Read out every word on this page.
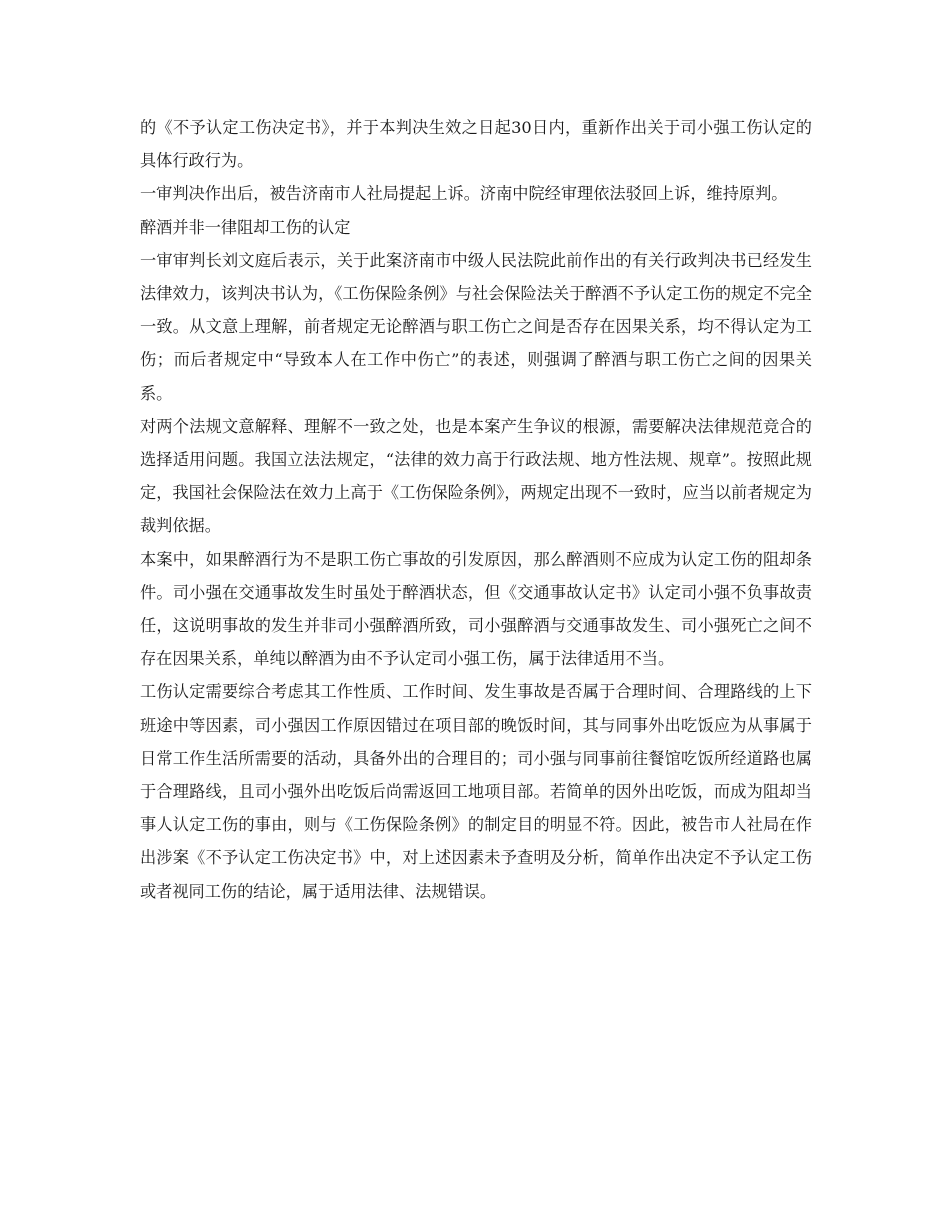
的《不予认定工伤决定书》，并于本判决生效之日起30日内，重新作出关于司小强工伤认定的具体行政行为。

一审判决作出后，被告济南市人社局提起上诉。济南中院经审理依法驳回上诉，维持原判。

醉酒并非一律阻却工伤的认定

一审审判长刘文庭后表示，关于此案济南市中级人民法院此前作出的有关行政判决书已经发生法律效力，该判决书认为，《工伤保险条例》与社会保险法关于醉酒不予认定工伤的规定不完全一致。从文意上理解，前者规定无论醉酒与职工伤亡之间是否存在因果关系，均不得认定为工伤；而后者规定中“导致本人在工作中伤亡”的表述，则强调了醉酒与职工伤亡之间的因果关系。

对两个法规文意解释、理解不一致之处，也是本案产生争议的根源，需要解决法律规范竞合的选择适用问题。我国立法法规定，“法律的效力高于行政法规、地方性法规、规章”。按照此规定，我国社会保险法在效力上高于《工伤保险条例》，两规定出现不一致时，应当以前者规定为裁判依据。

本案中，如果醉酒行为不是职工伤亡事故的引发原因，那么醉酒则不应成为认定工伤的阻却条件。司小强在交通事故发生时虽处于醉酒状态，但《交通事故认定书》认定司小强不负事故责任，这说明事故的发生并非司小强醉酒所致，司小强醉酒与交通事故发生、司小强死亡之间不存在因果关系，单纯以醉酒为由不予认定司小强工伤，属于法律适用不当。

工伤认定需要综合考虑其工作性质、工作时间、发生事故是否属于合理时间、合理路线的上下班途中等因素，司小强因工作原因错过在项目部的晚饭时间，其与同事外出吃饭应为从事属于日常工作生活所需要的活动，具备外出的合理目的；司小强与同事前往餐馆吃饭所经道路也属于合理路线，且司小强外出吃饭后尚需返回工地项目部。若简单的因外出吃饭，而成为阻却当事人认定工伤的事由，则与《工伤保险条例》的制定目的明显不符。因此，被告市人社局在作出涉案《不予认定工伤决定书》中，对上述因素未予查明及分析，简单作出决定不予认定工伤或者视同工伤的结论，属于适用法律、法规错误。
